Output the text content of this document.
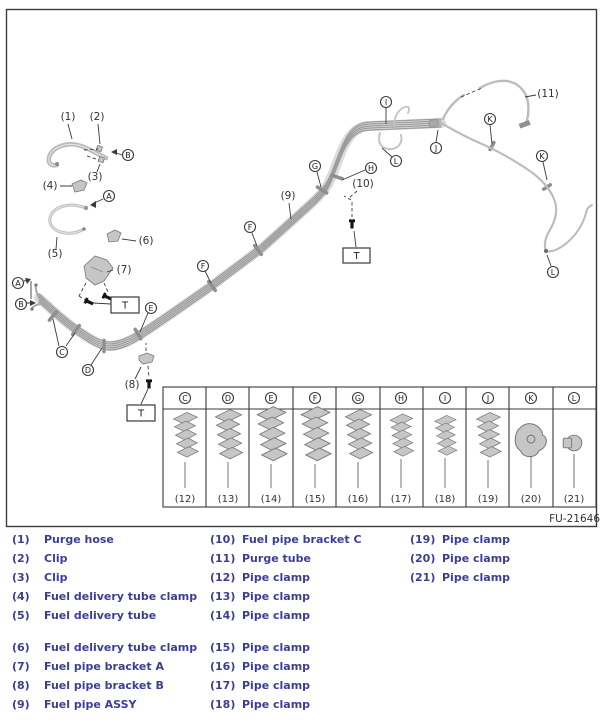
(1) (2)
(3)
(4)
(5)
(6)
(7)
(8)
(9)
(10)
(11)
A
B
A
B
C
D
E
F
F
G	H
I
J
K
K
L
L
T
T
T
C	D	E	F	G	H	I	J	K	L
(12) (13) (14) (15) (16) (17) (18) (19) (20) (21)
FU-21646
(1) Purge hose
(2) Clip
(3) Clip
(4) Fuel delivery tube clamp
(5) Fuel delivery tube
(6) Fuel delivery tube clamp
(7) Fuel pipe bracket A
(8) Fuel pipe bracket B
(9) Fuel pipe ASSY
(10) Fuel pipe bracket C
(11) Purge tube
(12) Pipe clamp
(13) Pipe clamp
(14) Pipe clamp
(15) Pipe clamp
(16) Pipe clamp
(17) Pipe clamp
(18) Pipe clamp
(19) Pipe clamp
(20) Pipe clamp
(21) Pipe clamp
